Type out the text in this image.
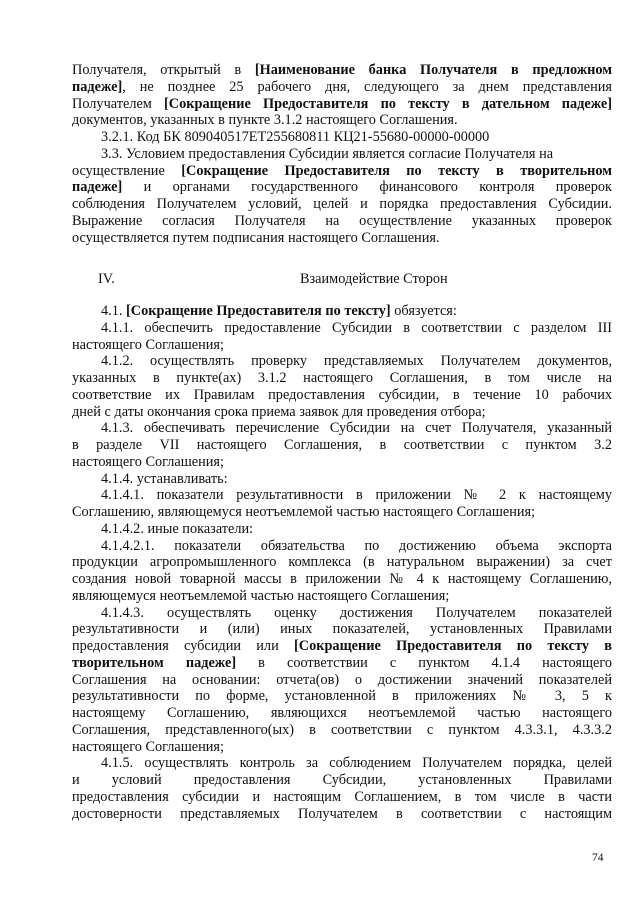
Получателя, открытый в [Наименование банка Получателя в предложном
падеже], не позднее 25 рабочего дня, следующего за днем представления
Получателем [Сокращение Предоставителя по тексту в дательном падеже]
документов, указанных в пункте 3.1.2 настоящего Соглашения.
3.2.1. Код БК 809040517ET255680811 КЦ21-55680-00000-00000
3.3. Условием предоставления Субсидии является согласие Получателя на
осуществление [Сокращение Предоставителя по тексту в творительном
падеже] и органами государственного финансового контроля проверок
соблюдения Получателем условий, целей и порядка предоставления Субсидии.
Выражение согласия Получателя на осуществление указанных проверок
осуществляется путем подписания настоящего Соглашения.
IV.	Взаимодействие Сторон
4.1. [Сокращение Предоставителя по тексту] обязуется:
4.1.1. обеспечить предоставление Субсидии в соответствии с разделом III
настоящего Соглашения;
4.1.2. осуществлять проверку представляемых Получателем документов,
указанных в пункте(ах) 3.1.2 настоящего Соглашения, в том числе на
соответствие их Правилам предоставления субсидии, в течение 10 рабочих
дней с даты окончания срока приема заявок для проведения отбора;
4.1.3. обеспечивать перечисление Субсидии на счет Получателя, указанный
в разделе VII настоящего Соглашения, в соответствии с пунктом 3.2
настоящего Соглашения;
4.1.4. устанавливать:
4.1.4.1. показатели результативности в приложении № 2 к настоящему
Соглашению, являющемуся неотъемлемой частью настоящего Соглашения;
4.1.4.2. иные показатели:
4.1.4.2.1. показатели обязательства по достижению объема экспорта
продукции агропромышленного комплекса (в натуральном выражении) за счет
создания новой товарной массы в приложении № 4 к настоящему Соглашению,
являющемуся неотъемлемой частью настоящего Соглашения;
4.1.4.3. осуществлять оценку достижения Получателем показателей
результативности и (или) иных показателей, установленных Правилами
предоставления субсидии или [Сокращение Предоставителя по тексту в
творительном падеже] в соответствии с пунктом 4.1.4 настоящего
Соглашения на основании: отчета(ов) о достижении значений показателей
результативности по форме, установленной в приложениях № 3, 5 к
настоящему Соглашению, являющихся неотъемлемой частью настоящего
Соглашения, представленного(ых) в соответствии с пунктом 4.3.3.1, 4.3.3.2
настоящего Соглашения;
4.1.5. осуществлять контроль за соблюдением Получателем порядка, целей
и условий предоставления Субсидии, установленных Правилами
предоставления субсидии и настоящим Соглашением, в том числе в части
достоверности представляемых Получателем в соответствии с настоящим
74
